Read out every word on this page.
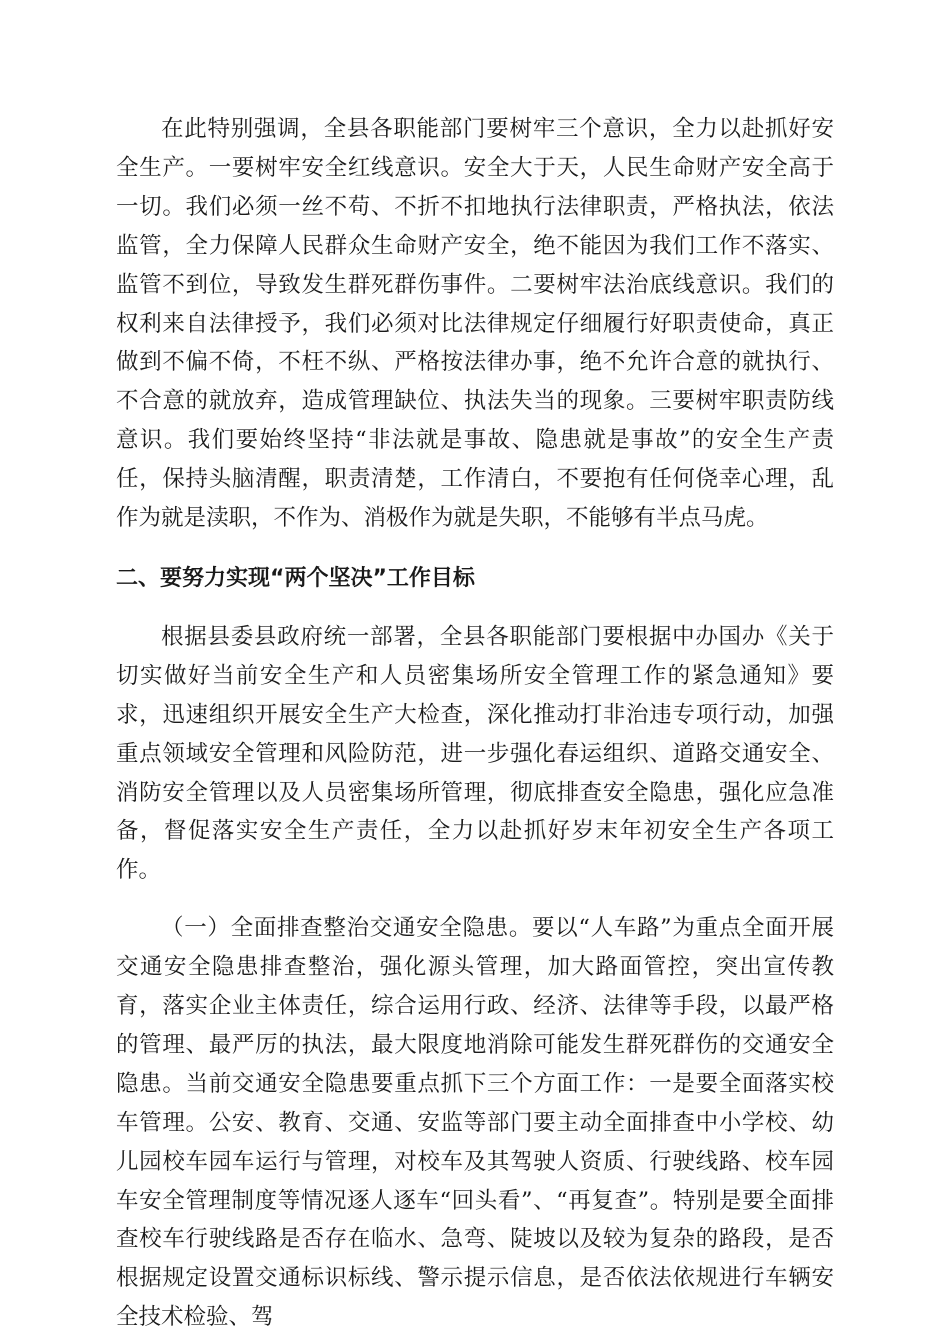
在此特别强调，全县各职能部门要树牢三个意识，全力以赴抓好安全生产。一要树牢安全红线意识。安全大于天，人民生命财产安全高于一切。我们必须一丝不苟、不折不扣地执行法律职责，严格执法，依法监管，全力保障人民群众生命财产安全，绝不能因为我们工作不落实、监管不到位，导致发生群死群伤事件。二要树牢法治底线意识。我们的权利来自法律授予，我们必须对比法律规定仔细履行好职责使命，真正做到不偏不倚，不枉不纵、严格按法律办事，绝不允许合意的就执行、不合意的就放弃，造成管理缺位、执法失当的现象。三要树牢职责防线意识。我们要始终坚持“非法就是事故、隐患就是事故”的安全生产责任，保持头脑清醒，职责清楚，工作清白，不要抱有任何侥幸心理，乱作为就是渎职，不作为、消极作为就是失职，不能够有半点马虎。

二、要努力实现“两个坚决”工作目标

根据县委县政府统一部署，全县各职能部门要根据中办国办《关于切实做好当前安全生产和人员密集场所安全管理工作的紧急通知》要求，迅速组织开展安全生产大检查，深化推动打非治违专项行动，加强重点领域安全管理和风险防范，进一步强化春运组织、道路交通安全、消防安全管理以及人员密集场所管理，彻底排查安全隐患，强化应急准备，督促落实安全生产责任，全力以赴抓好岁末年初安全生产各项工作。

（一）全面排查整治交通安全隐患。要以“人车路”为重点全面开展交通安全隐患排查整治，强化源头管理，加大路面管控，突出宣传教育，落实企业主体责任，综合运用行政、经济、法律等手段，以最严格的管理、最严厉的执法，最大限度地消除可能发生群死群伤的交通安全隐患。当前交通安全隐患要重点抓下三个方面工作：一是要全面落实校车管理。公安、教育、交通、安监等部门要主动全面排查中小学校、幼儿园校车园车运行与管理，对校车及其驾驶人资质、行驶线路、校车园车安全管理制度等情况逐人逐车“回头看”、“再复查”。特别是要全面排查校车行驶线路是否存在临水、急弯、陡坡以及较为复杂的路段，是否根据规定设置交通标识标线、警示提示信息，是否依法依规进行车辆安全技术检验、驾
